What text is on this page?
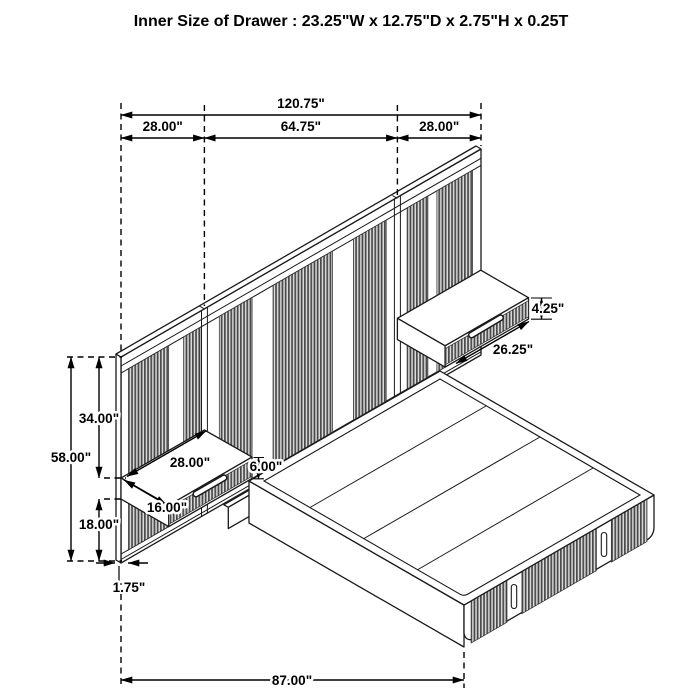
Inner Size of Drawer : 23.25"W x 12.75"D x 2.75"H x 0.25T
120.75"
28.00"	64.75"	28.00"
58.00"
34.00"
18.00"
28.00"
16.00"
6.00"
4.25"
26.25"
1.75"
87.00"
